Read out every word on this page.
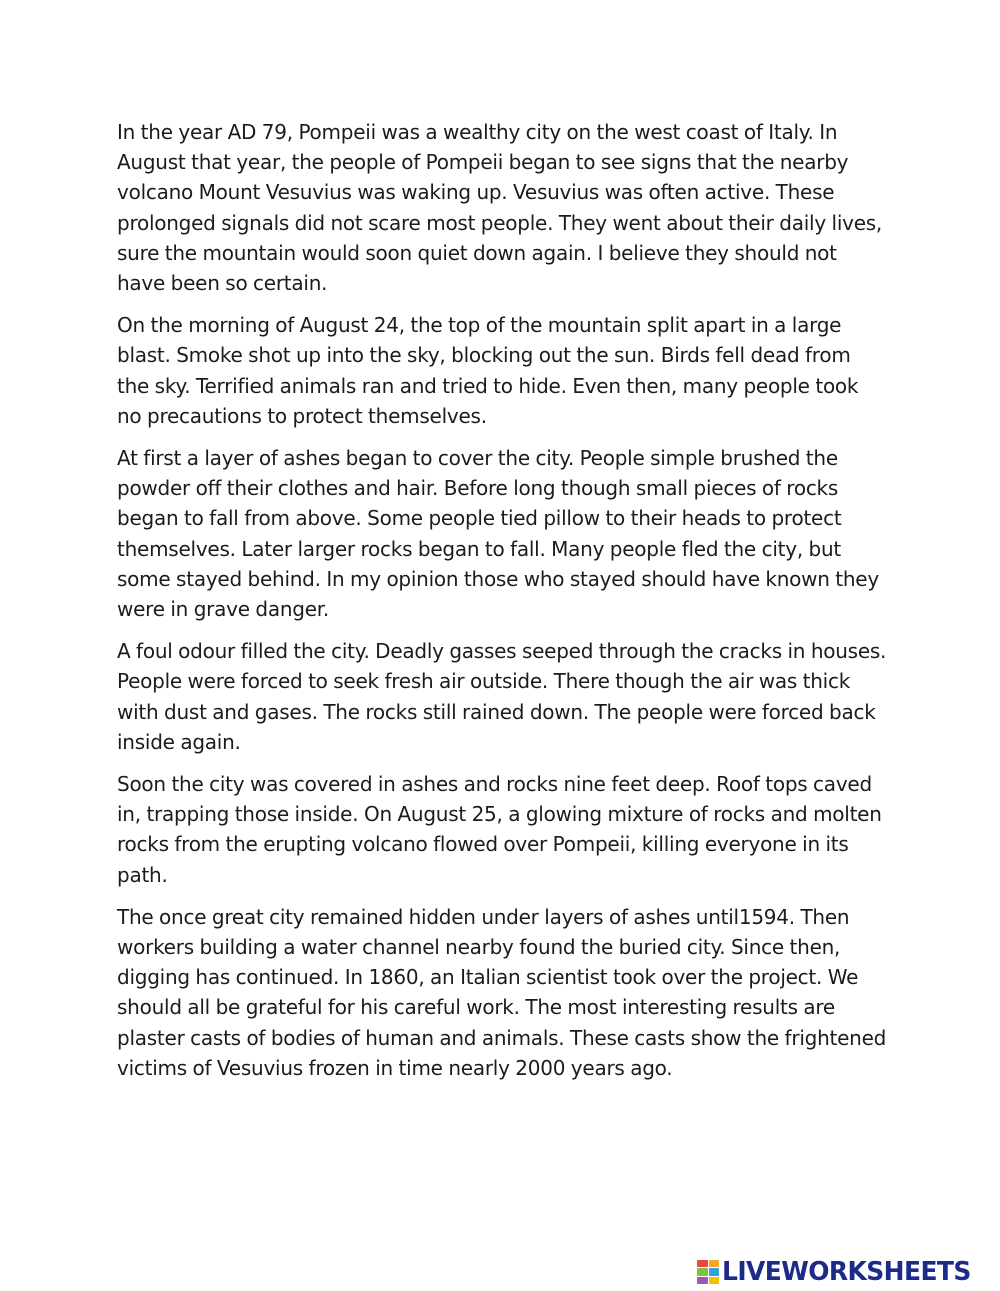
In the year AD 79, Pompeii was a wealthy city on the west coast of Italy. In August that year, the people of Pompeii began to see signs that the nearby volcano Mount Vesuvius was waking up. Vesuvius was often active. These prolonged signals did not scare most people. They went about their daily lives, sure the mountain would soon quiet down again. I believe they should not have been so certain.

On the morning of August 24, the top of the mountain split apart in a large blast. Smoke shot up into the sky, blocking out the sun. Birds fell dead from the sky. Terrified animals ran and tried to hide. Even then, many people took no precautions to protect themselves.

At first a layer of ashes began to cover the city. People simple brushed the powder off their clothes and hair. Before long though small pieces of rocks began to fall from above. Some people tied pillow to their heads to protect themselves. Later larger rocks began to fall. Many people fled the city, but some stayed behind. In my opinion those who stayed should have known they were in grave danger.

A foul odour filled the city. Deadly gasses seeped through the cracks in houses. People were forced to seek fresh air outside. There though the air was thick with dust and gases. The rocks still rained down. The people were forced back inside again.

Soon the city was covered in ashes and rocks nine feet deep. Roof tops caved in, trapping those inside. On August 25, a glowing mixture of rocks and molten rocks from the erupting volcano flowed over Pompeii, killing everyone in its path.

The once great city remained hidden under layers of ashes until1594. Then workers building a water channel nearby found the buried city. Since then, digging has continued. In 1860, an Italian scientist took over the project. We should all be grateful for his careful work. The most interesting results are plaster casts of bodies of human and animals. These casts show the frightened victims of Vesuvius frozen in time nearly 2000 years ago.

LIVEWORKSHEETS
